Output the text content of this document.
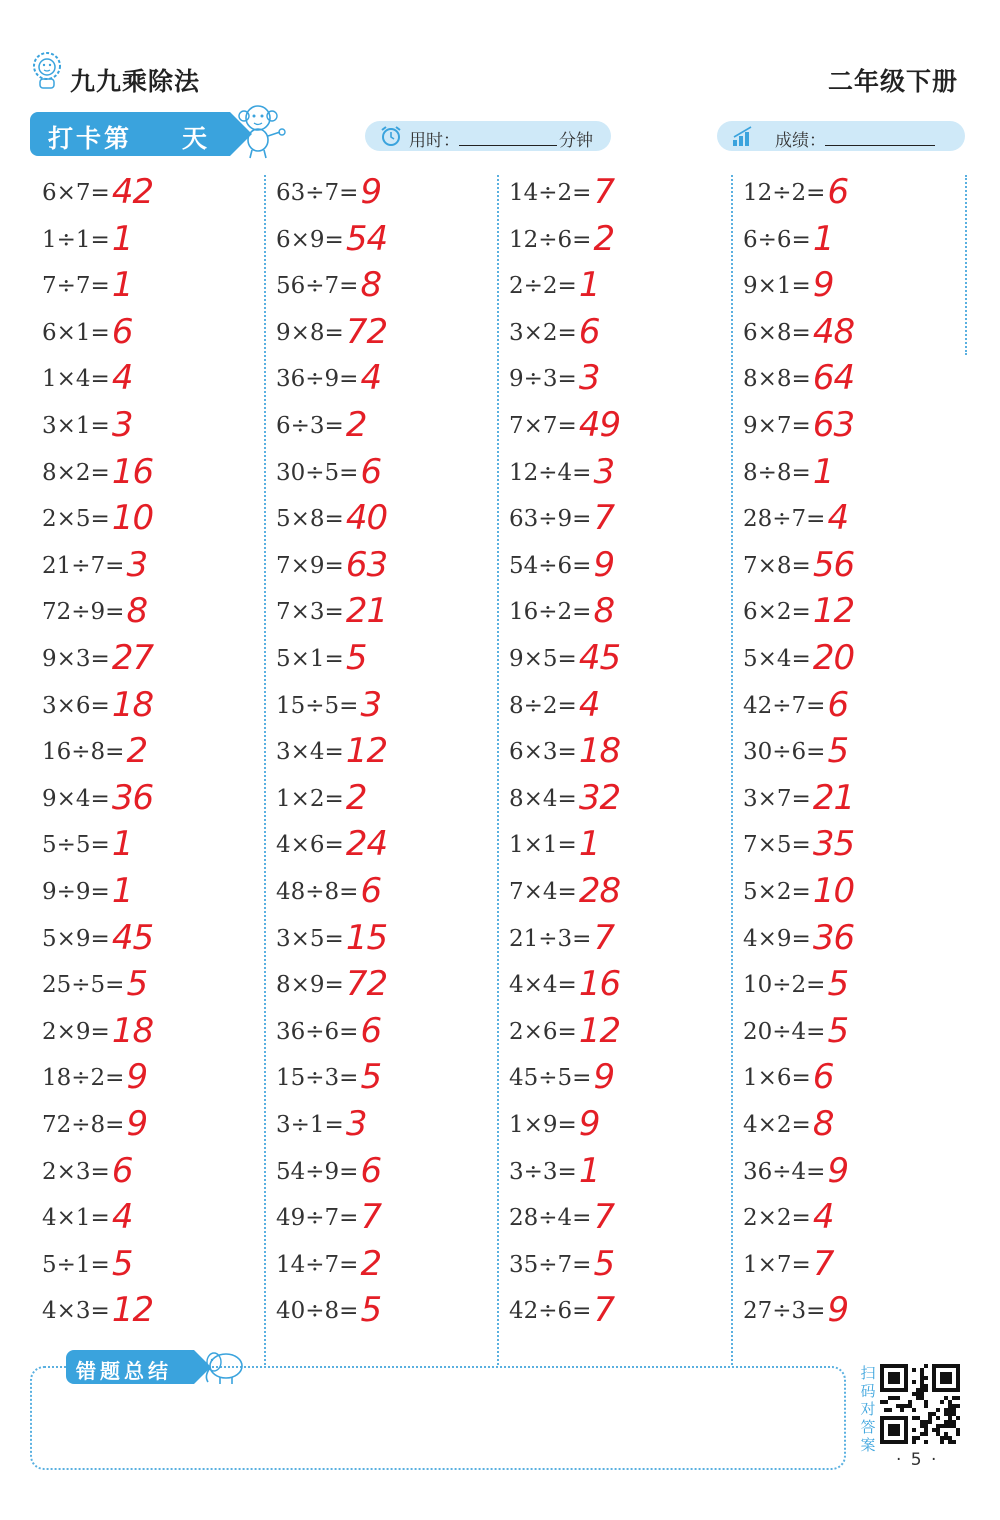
九九乘除法	二年级下册
打卡第 天	用时：	分钟	成绩：
6×7= 42
1÷1= 1
7÷7= 1
6×1= 6
1×4= 4
3×1= 3
8×2= 16
2×5= 10
21÷7= 3
72÷9= 8
9×3= 27
3×6= 18
16÷8= 2
9×4= 36
5÷5= 1
9÷9= 1
5×9= 45
25÷5= 5
2×9= 18
18÷2= 9
72÷8= 9
2×3= 6
4×1= 4
5÷1= 5
4×3= 12
63÷7= 9
6×9= 54
56÷7= 8
9×8= 72
36÷9= 4
6÷3= 2
30÷5= 6
5×8= 40
7×9= 63
7×3= 21
5×1= 5
15÷5= 3
3×4= 12
1×2= 2
4×6= 24
48÷8= 6
3×5= 15
8×9= 72
36÷6= 6
15÷3= 5
3÷1= 3
54÷9= 6
49÷7= 7
14÷7= 2
40÷8= 5
14÷2= 7
12÷6= 2
2÷2= 1
3×2= 6
9÷3= 3
7×7= 49
12÷4= 3
63÷9= 7
54÷6= 9
16÷2= 8
9×5= 45
8÷2= 4
6×3= 18
8×4= 32
1×1= 1
7×4= 28
21÷3= 7
4×4= 16
2×6= 12
45÷5= 9
1×9= 9
3÷3= 1
28÷4= 7
35÷7= 5
42÷6= 7
12÷2= 6
6÷6= 1
9×1= 9
6×8= 48
8×8= 64
9×7= 63
8÷8= 1
28÷7= 4
7×8= 56
6×2= 12
5×4= 20
42÷7= 6
30÷6= 5
3×7= 21
7×5= 35
5×2= 10
4×9= 36
10÷2= 5
20÷4= 5
1×6= 6
4×2= 8
36÷4= 9
2×2= 4
1×7= 7
27÷3= 9
错题总结	扫码对答案
· 5 ·
